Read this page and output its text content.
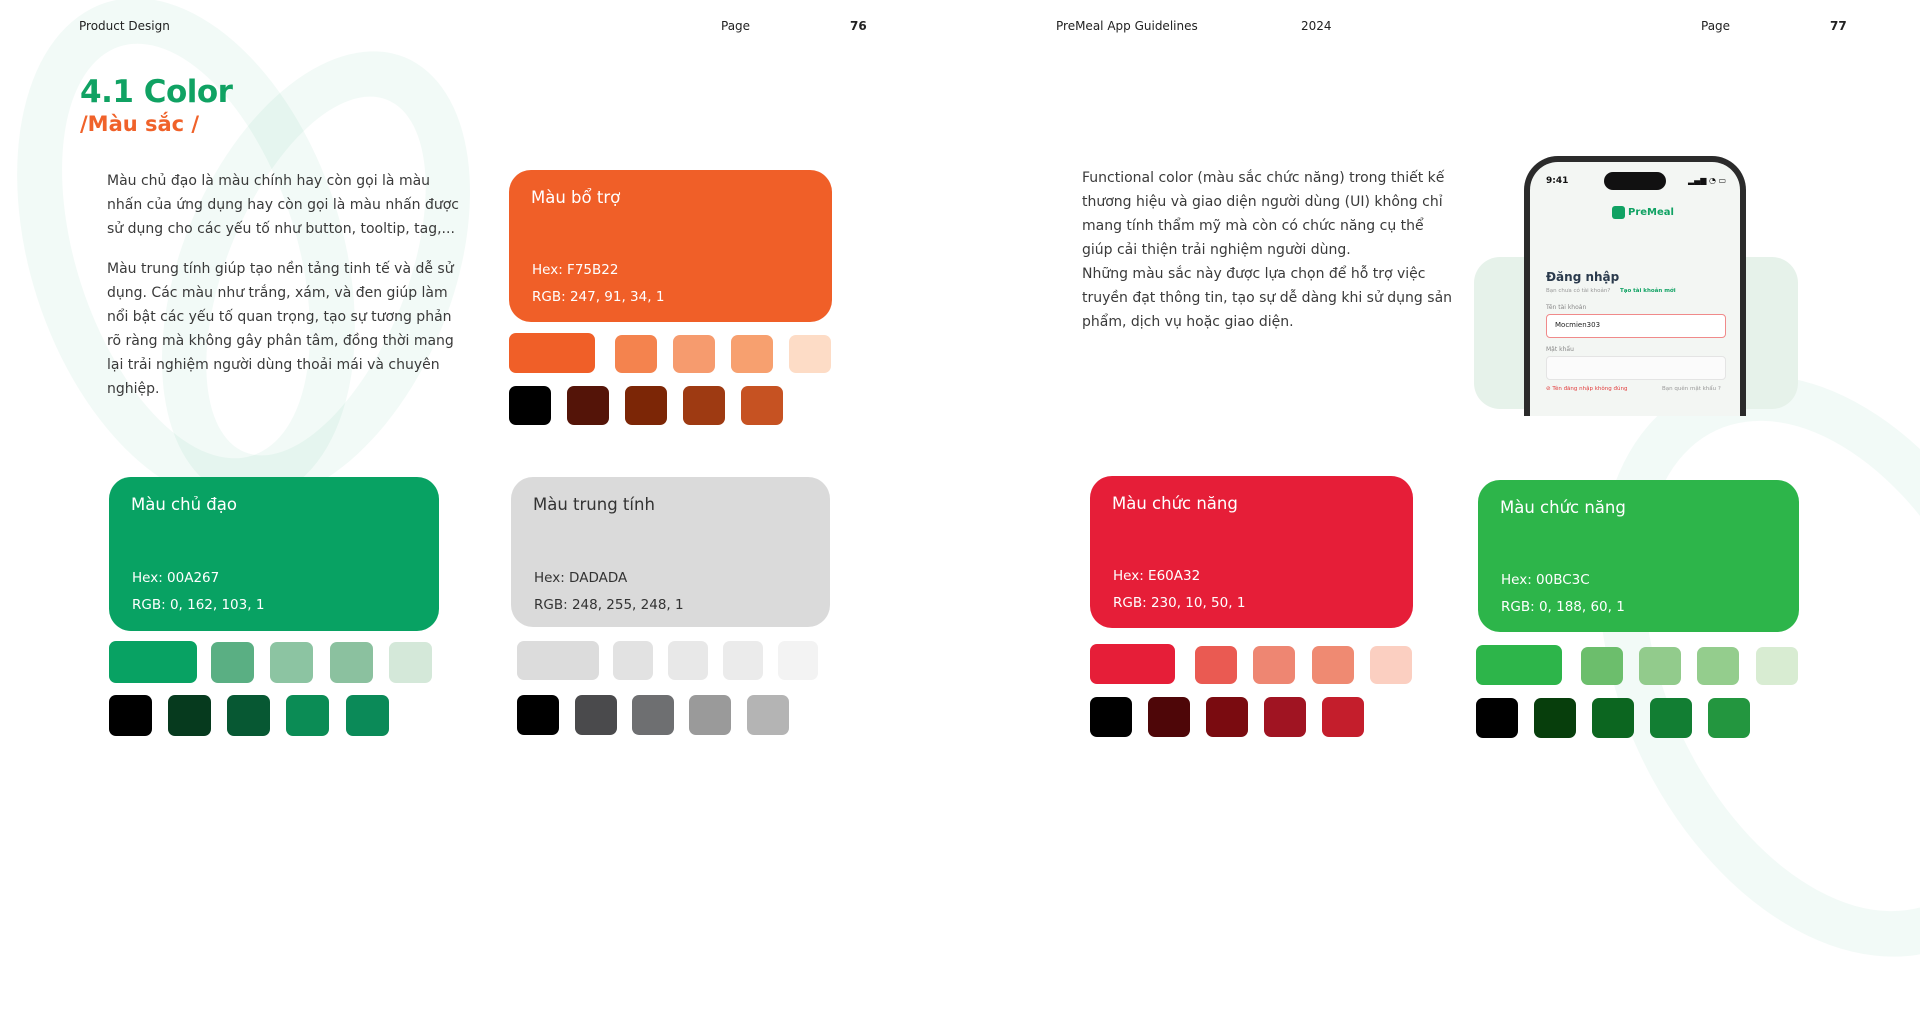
Product Design	Page	76	PreMeal App Guidelines	2024	Page	77
4.1 Color
/Màu sắc /
Màu chủ đạo là màu chính hay còn gọi là màu nhấn của ứng dụng hay còn gọi là màu nhấn được sử dụng cho các yếu tố như button, tooltip, tag,...
Màu trung tính giúp tạo nền tảng tinh tế và dễ sử dụng. Các màu như trắng, xám, và đen giúp làm nổi bật các yếu tố quan trọng, tạo sự tương phản rõ ràng mà không gây phân tâm, đồng thời mang lại trải nghiệm người dùng thoải mái và chuyên nghiệp.
Functional color (màu sắc chức năng) trong thiết kế thương hiệu và giao diện người dùng (UI) không chỉ mang tính thẩm mỹ mà còn có chức năng cụ thể giúp cải thiện trải nghiệm người dùng.
Những màu sắc này được lựa chọn để hỗ trợ việc truyền đạt thông tin, tạo sự dễ dàng khi sử dụng sản phẩm, dịch vụ hoặc giao diện.
Màu bổ trợ
Hex: F75B22
RGB: 247, 91, 34, 1
Màu chủ đạo
Hex: 00A267
RGB: 0, 162, 103, 1
Màu trung tính
Hex: DADADA
RGB: 248, 255, 248, 1
Màu chức năng
Hex: E60A32
RGB: 230, 10, 50, 1
Màu chức năng
Hex: 00BC3C
RGB: 0, 188, 60, 1
9:41	▂▄▆ ◔ ▭
PreMeal
Đăng nhập
Bạn chưa có tài khoản? Tạo tài khoản mới
Tên tài khoản
Mocmien303
Mật khẩu
⊘ Tên đăng nhập không đúng	Bạn quên mật khẩu ?
